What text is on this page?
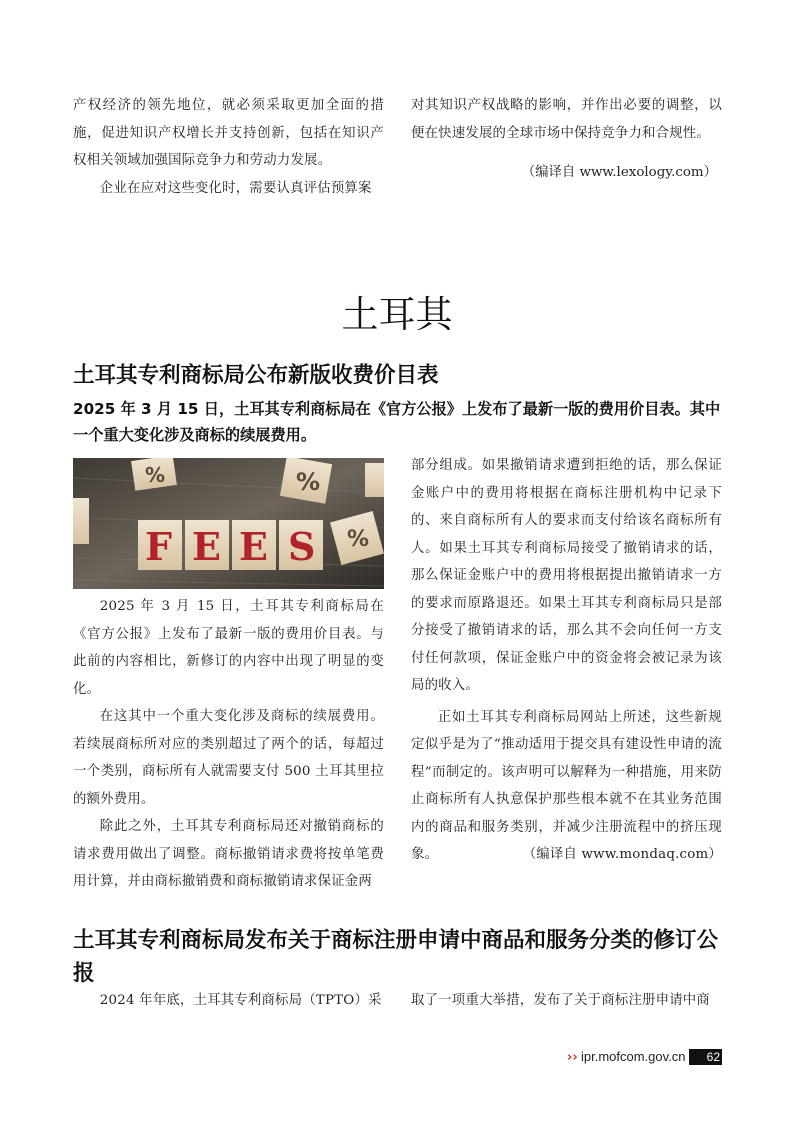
产权经济的领先地位，就必须采取更加全面的措施，促进知识产权增长并支持创新，包括在知识产权相关领域加强国际竞争力和劳动力发展。

企业在应对这些变化时，需要认真评估预算案

对其知识产权战略的影响，并作出必要的调整，以便在快速发展的全球市场中保持竞争力和合规性。

（编译自 www.lexology.com）
土耳其
土耳其专利商标局公布新版收费价目表

2025 年 3 月 15 日，土耳其专利商标局在《官方公报》上发布了最新一版的费用价目表。其中一个重大变化涉及商标的续展费用。

%	%
%
F E E S

2025 年 3 月 15 日，土耳其专利商标局在《官方公报》上发布了最新一版的费用价目表。与此前的内容相比，新修订的内容中出现了明显的变化。

在这其中一个重大变化涉及商标的续展费用。若续展商标所对应的类别超过了两个的话，每超过一个类别，商标所有人就需要支付 500 土耳其里拉的额外费用。

除此之外，土耳其专利商标局还对撤销商标的请求费用做出了调整。商标撤销请求费将按单笔费用计算，并由商标撤销费和商标撤销请求保证金两

部分组成。如果撤销请求遭到拒绝的话，那么保证金账户中的费用将根据在商标注册机构中记录下的、来自商标所有人的要求而支付给该名商标所有人。如果土耳其专利商标局接受了撤销请求的话，那么保证金账户中的费用将根据提出撤销请求一方的要求而原路退还。如果土耳其专利商标局只是部分接受了撤销请求的话，那么其不会向任何一方支付任何款项，保证金账户中的资金将会被记录为该局的收入。

正如土耳其专利商标局网站上所述，这些新规定似乎是为了“推动适用于提交具有建设性申请的流程”而制定的。该声明可以解释为一种措施，用来防止商标所有人执意保护那些根本就不在其业务范围内的商品和服务类别，并减少注册流程中的挤压现象。	（编译自 www.mondaq.com）

土耳其专利商标局发布关于商标注册申请中商品和服务分类的修订公报

2024 年年底，土耳其专利商标局（TPTO）采 取了一项重大举措，发布了关于商标注册申请中商

›› ipr.mofcom.gov.cn	62
